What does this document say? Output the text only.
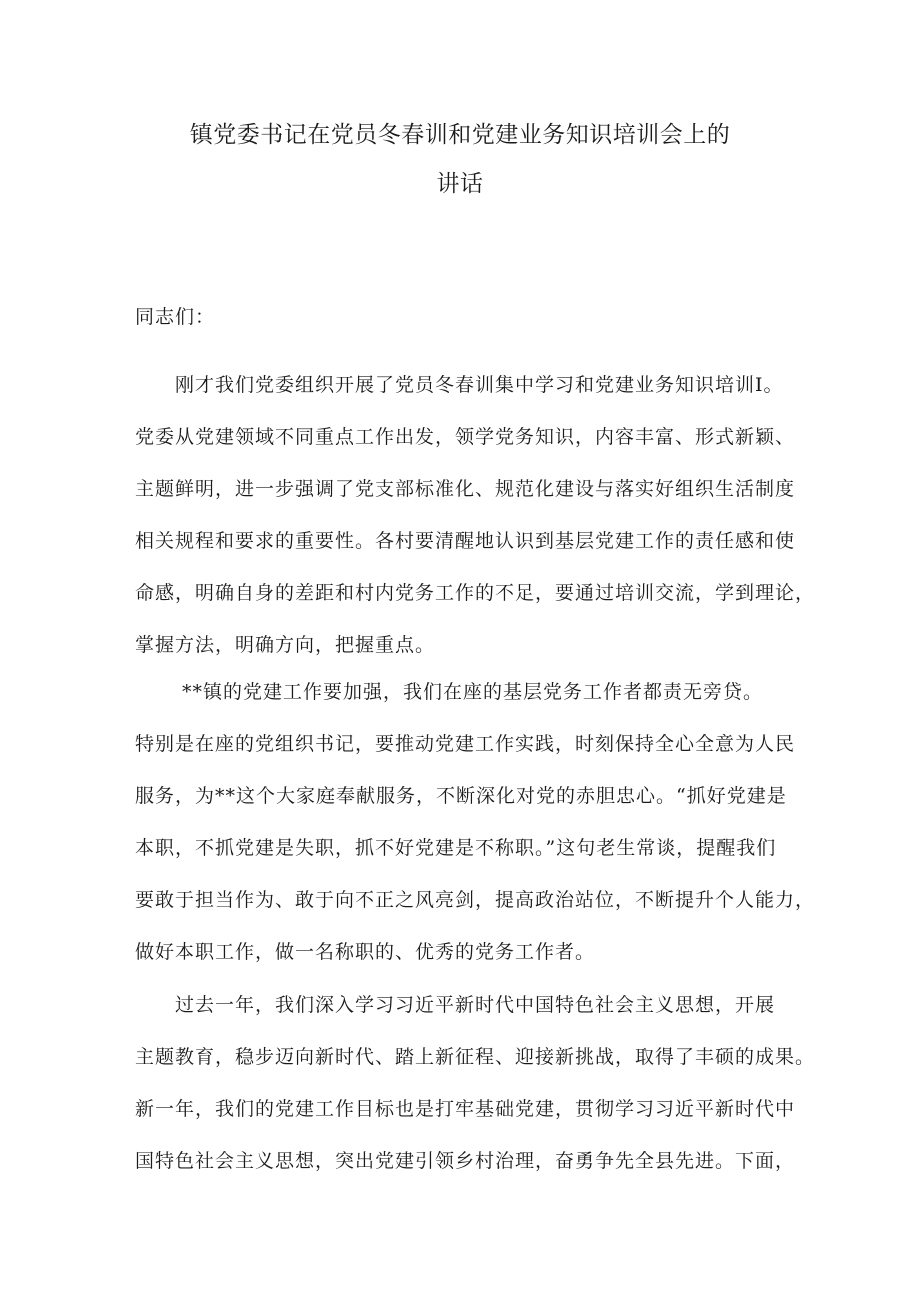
镇党委书记在党员冬春训和党建业务知识培训会上的
讲话
同志们：
　　刚才我们党委组织开展了党员冬春训集中学习和党建业务知识培训Ⅰ。
党委从党建领域不同重点工作出发，领学党务知识，内容丰富、形式新颖、
主题鲜明，进一步强调了党支部标准化、规范化建设与落实好组织生活制度
相关规程和要求的重要性。各村要清醒地认识到基层党建工作的责任感和使
命感，明确自身的差距和村内党务工作的不足，要通过培训交流，学到理论，
掌握方法，明确方向，把握重点。
　　 **镇的党建工作要加强，我们在座的基层党务工作者都责无旁贷。
特别是在座的党组织书记，要推动党建工作实践，时刻保持全心全意为人民
服务，为**这个大家庭奉献服务，不断深化对党的赤胆忠心。“抓好党建是
本职，不抓党建是失职，抓不好党建是不称职。”这句老生常谈，提醒我们
要敢于担当作为、敢于向不正之风亮剑，提高政治站位，不断提升个人能力，
做好本职工作，做一名称职的、优秀的党务工作者。
　　过去一年，我们深入学习习近平新时代中国特色社会主义思想，开展
主题教育，稳步迈向新时代、踏上新征程、迎接新挑战，取得了丰硕的成果。
新一年，我们的党建工作目标也是打牢基础党建，贯彻学习习近平新时代中
国特色社会主义思想，突出党建引领乡村治理，奋勇争先全县先进。下面，
